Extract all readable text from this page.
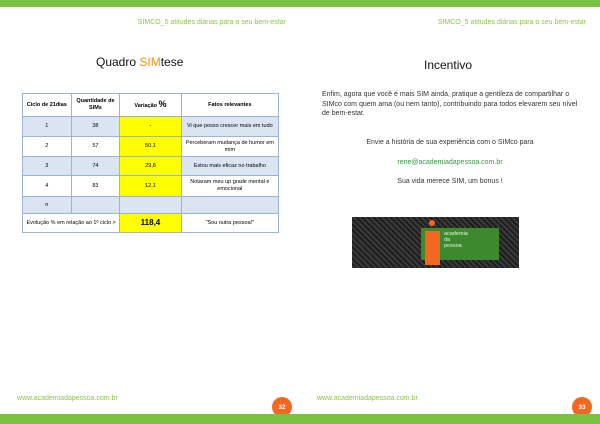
SIMCO_5 atitudes diárias para o seu bem-estar
Quadro SIMtese
Ciclo de 21dias	Quantidade de SIMs	Variação %	Fatos relevantes
1	38	-	Vi que posso crescer mais em tudo
2	57	50,1	Perceberam mudança de humor em mim
3	74	29,8	Estou mais eficaz no trabalho
4	83	12,1	Notaram meu up grade mental e emocional
n			
Evolução % em relação ao 1º ciclo >		118,4	"Sou outra pessoa!"
www.academiadapessoa.com.br
32
SIMCO_5 atitudes diárias para o seu bem-estar
Incentivo
www.academiadapessoa.com.br
33
Enfim, agora que você é mais SIM ainda, pratique a gentileza de compartilhar o SIMco com quem ama (ou nem tanto), contribuindo para todos elevarem seu nível de bem-estar.
Envie a história de sua experiência com o SIMco para
rene@academiadapessoa.com.br
Sua vida merece SIM, um bonus !
academia
da
pessoa
